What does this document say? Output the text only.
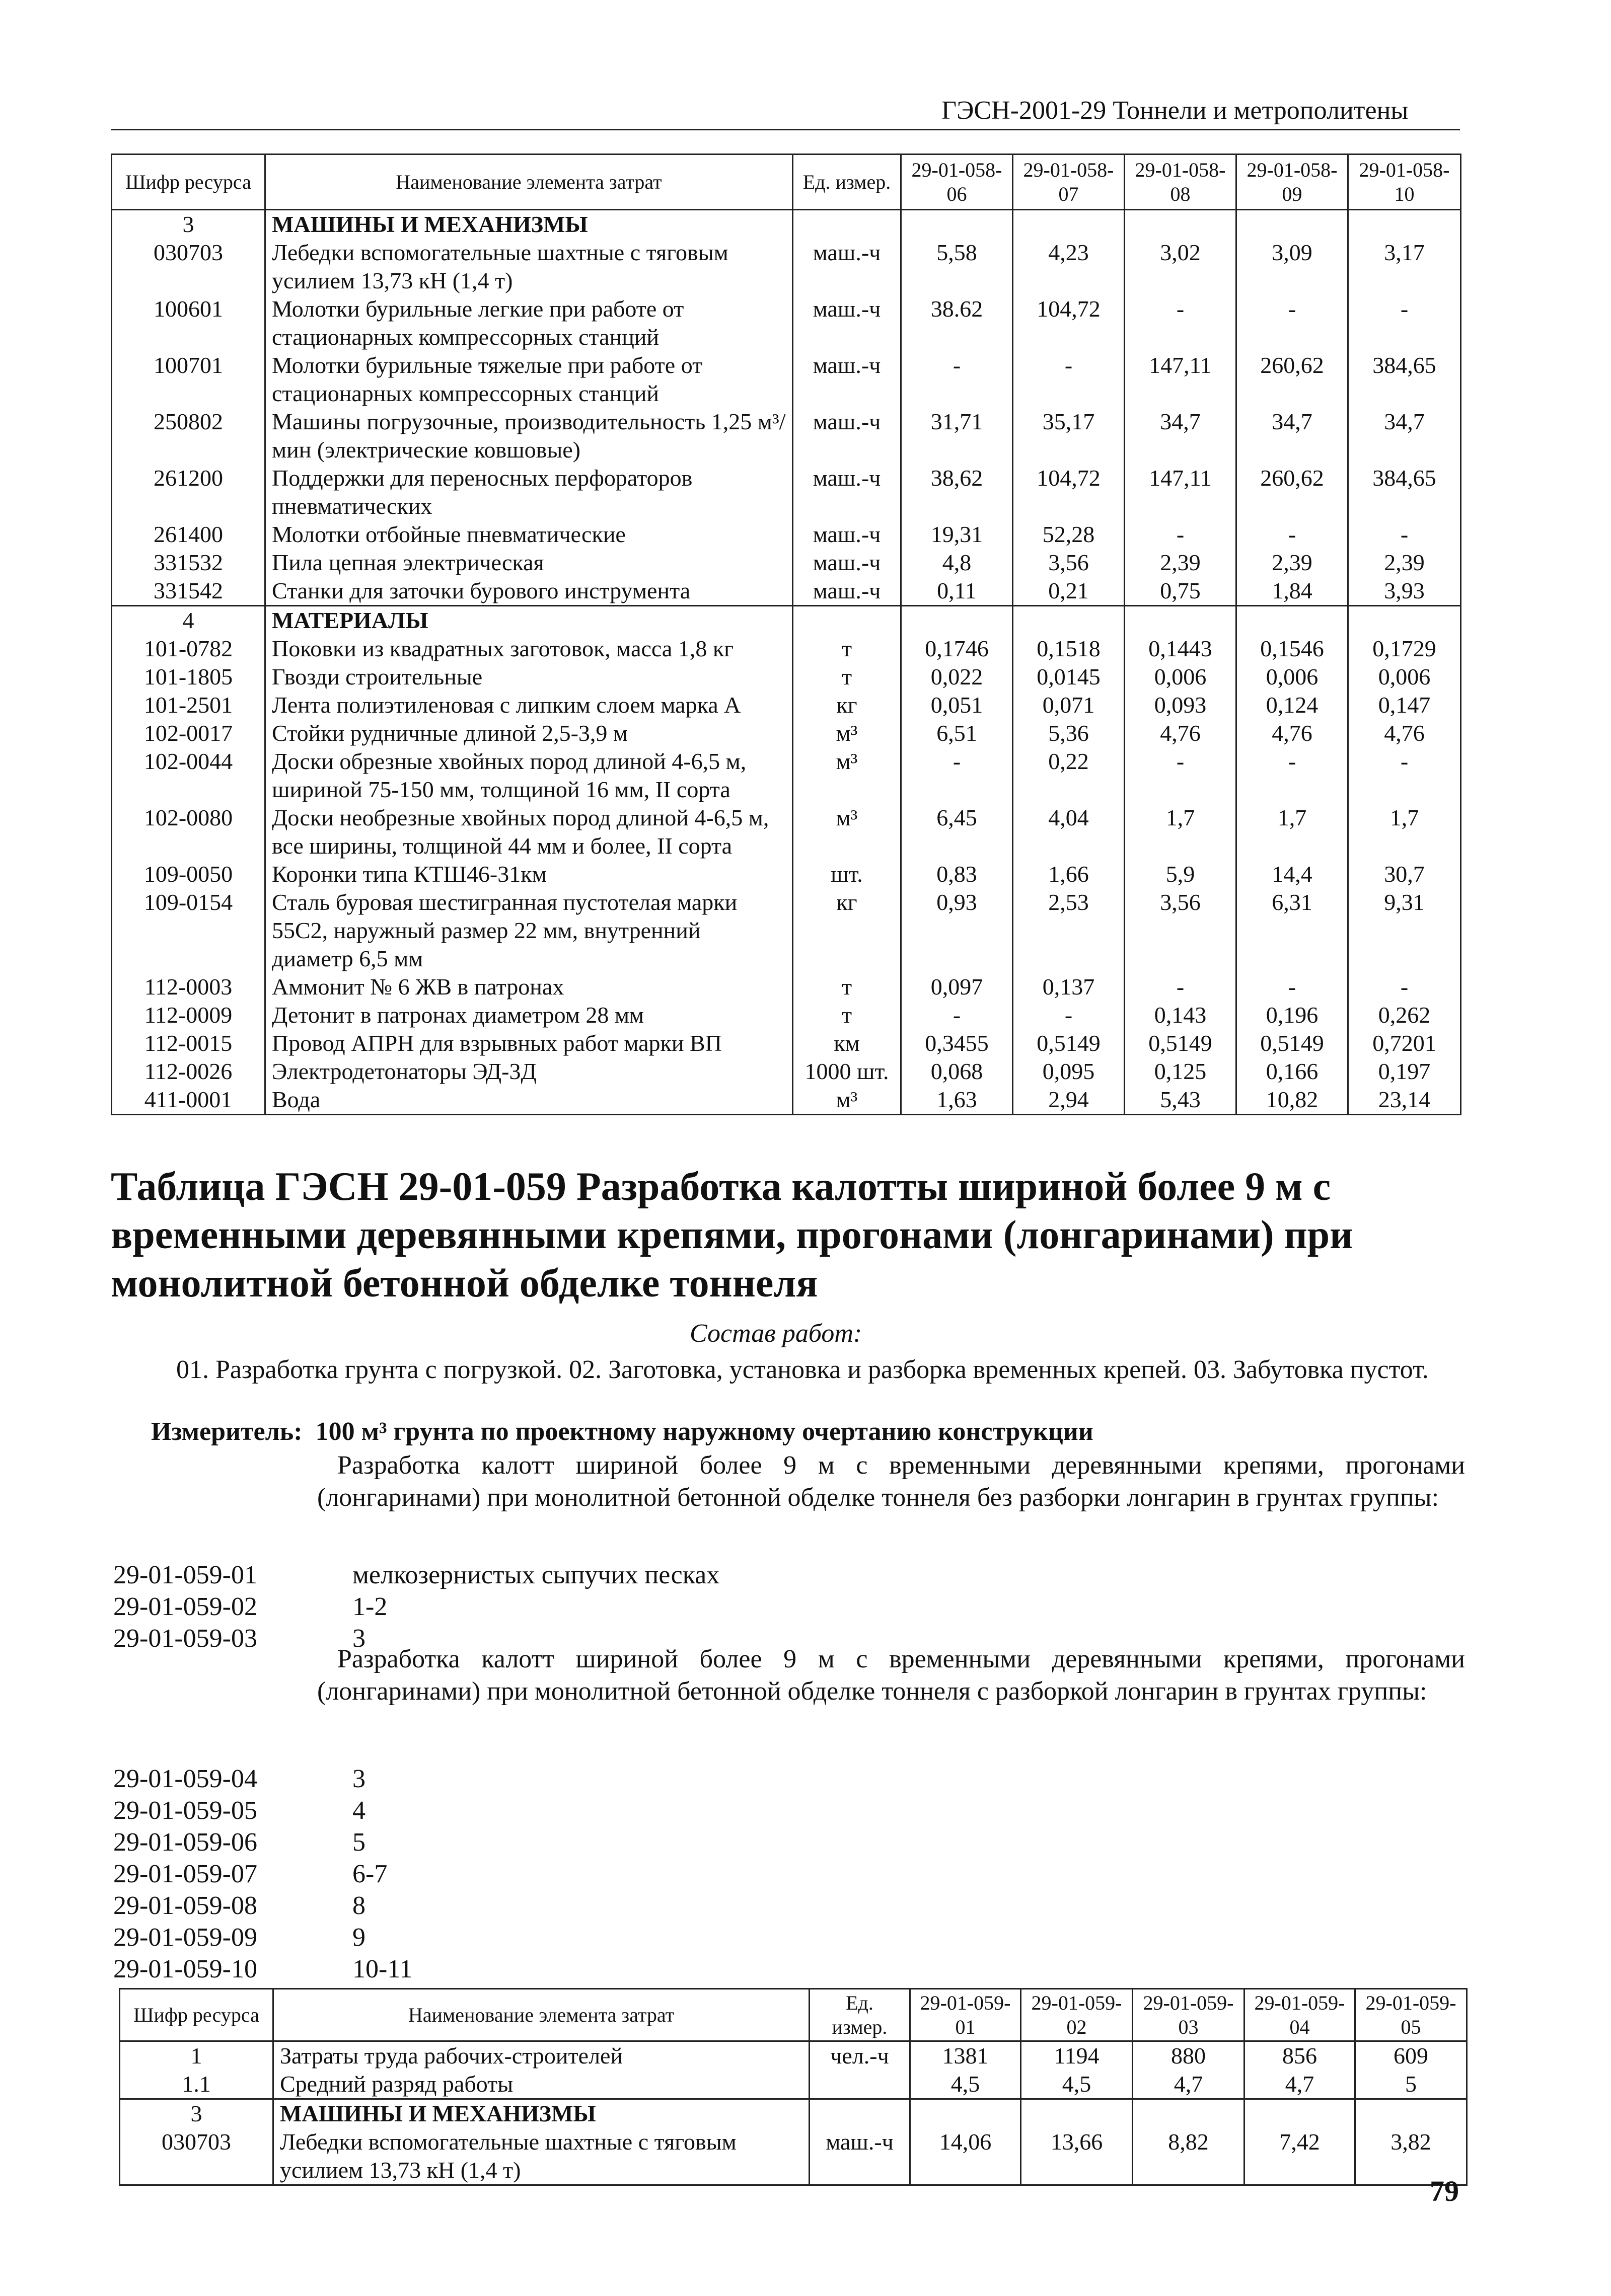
ГЭСН-2001-29 Тоннели и метрополитены
Шифр ресурса	Наименование элемента затрат	Ед. измер.	29-01-058-06	29-01-058-07	29-01-058-08	29-01-058-09	29-01-058-10
3	МАШИНЫ И МЕХАНИЗМЫ						
030703	Лебедки вспомогательные шахтные с тяговым усилием 13,73 кН (1,4 т)	маш.-ч	5,58	4,23	3,02	3,09	3,17
100601	Молотки бурильные легкие при работе от стационарных компрессорных станций	маш.-ч	38.62	104,72	-	-	-
100701	Молотки бурильные тяжелые при работе от стационарных компрессорных станций	маш.-ч	-	-	147,11	260,62	384,65
250802	Машины погрузочные, производительность 1,25 м³/мин (электрические ковшовые)	маш.-ч	31,71	35,17	34,7	34,7	34,7
261200	Поддержки для переносных перфораторов пневматических	маш.-ч	38,62	104,72	147,11	260,62	384,65
261400	Молотки отбойные пневматические	маш.-ч	19,31	52,28	-	-	-
331532	Пила цепная электрическая	маш.-ч	4,8	3,56	2,39	2,39	2,39
331542	Станки для заточки бурового инструмента	маш.-ч	0,11	0,21	0,75	1,84	3,93
4	МАТЕРИАЛЫ						
101-0782	Поковки из квадратных заготовок, масса 1,8 кг	т	0,1746	0,1518	0,1443	0,1546	0,1729
101-1805	Гвозди строительные	т	0,022	0,0145	0,006	0,006	0,006
101-2501	Лента полиэтиленовая с липким слоем марка А	кг	0,051	0,071	0,093	0,124	0,147
102-0017	Стойки рудничные длиной 2,5-3,9 м	м³	6,51	5,36	4,76	4,76	4,76
102-0044	Доски обрезные хвойных пород длиной 4-6,5 м, шириной 75-150 мм, толщиной 16 мм, II сорта	м³	-	0,22	-	-	-
102-0080	Доски необрезные хвойных пород длиной 4-6,5 м, все ширины, толщиной 44 мм и более, II сорта	м³	6,45	4,04	1,7	1,7	1,7
109-0050	Коронки типа КТШ46-31км	шт.	0,83	1,66	5,9	14,4	30,7
109-0154	Сталь буровая шестигранная пустотелая марки 55С2, наружный размер 22 мм, внутренний диаметр 6,5 мм	кг	0,93	2,53	3,56	6,31	9,31
112-0003	Аммонит № 6 ЖВ в патронах	т	0,097	0,137	-	-	-
112-0009	Детонит в патронах диаметром 28 мм	т	-	-	0,143	0,196	0,262
112-0015	Провод АПРН для взрывных работ марки ВП	км	0,3455	0,5149	0,5149	0,5149	0,7201
112-0026	Электродетонаторы ЭД-3Д	1000 шт.	0,068	0,095	0,125	0,166	0,197
411-0001	Вода	м³	1,63	2,94	5,43	10,82	23,14
Таблица ГЭСН 29-01-059 Разработка калотты шириной более 9 м с временными деревянными крепями, прогонами (лонгаринами) при монолитной бетонной обделке тоннеля
Состав работ:
01. Разработка грунта с погрузкой. 02. Заготовка, установка и разборка временных крепей. 03. Забутовка пустот.
Измеритель: 100 м³ грунта по проектному наружному очертанию конструкции
Разработка калотт шириной более 9 м с временными деревянными крепями, прогонами (лонгаринами) при монолитной бетонной обделке тоннеля без разборки лонгарин в грунтах группы:
Разработка калотт шириной более 9 м с временными деревянными крепями, прогонами (лонгаринами) при монолитной бетонной обделке тоннеля с разборкой лонгарин в грунтах группы:
29-01-059-01	мелкозернистых сыпучих песках
29-01-059-02	1-2
29-01-059-03	3
29-01-059-04	3
29-01-059-05	4
29-01-059-06	5
29-01-059-07	6-7
29-01-059-08	8
29-01-059-09	9
29-01-059-10	10-11
Шифр ресурса	Наименование элемента затрат	Ед. измер.	29-01-059-01	29-01-059-02	29-01-059-03	29-01-059-04	29-01-059-05
1	Затраты труда рабочих-строителей	чел.-ч	1381	1194	880	856	609
1.1	Средний разряд работы		4,5	4,5	4,7	4,7	5
3	МАШИНЫ И МЕХАНИЗМЫ						
030703	Лебедки вспомогательные шахтные с тяговым усилием 13,73 кН (1,4 т)	маш.-ч	14,06	13,66	8,82	7,42	3,82
79
